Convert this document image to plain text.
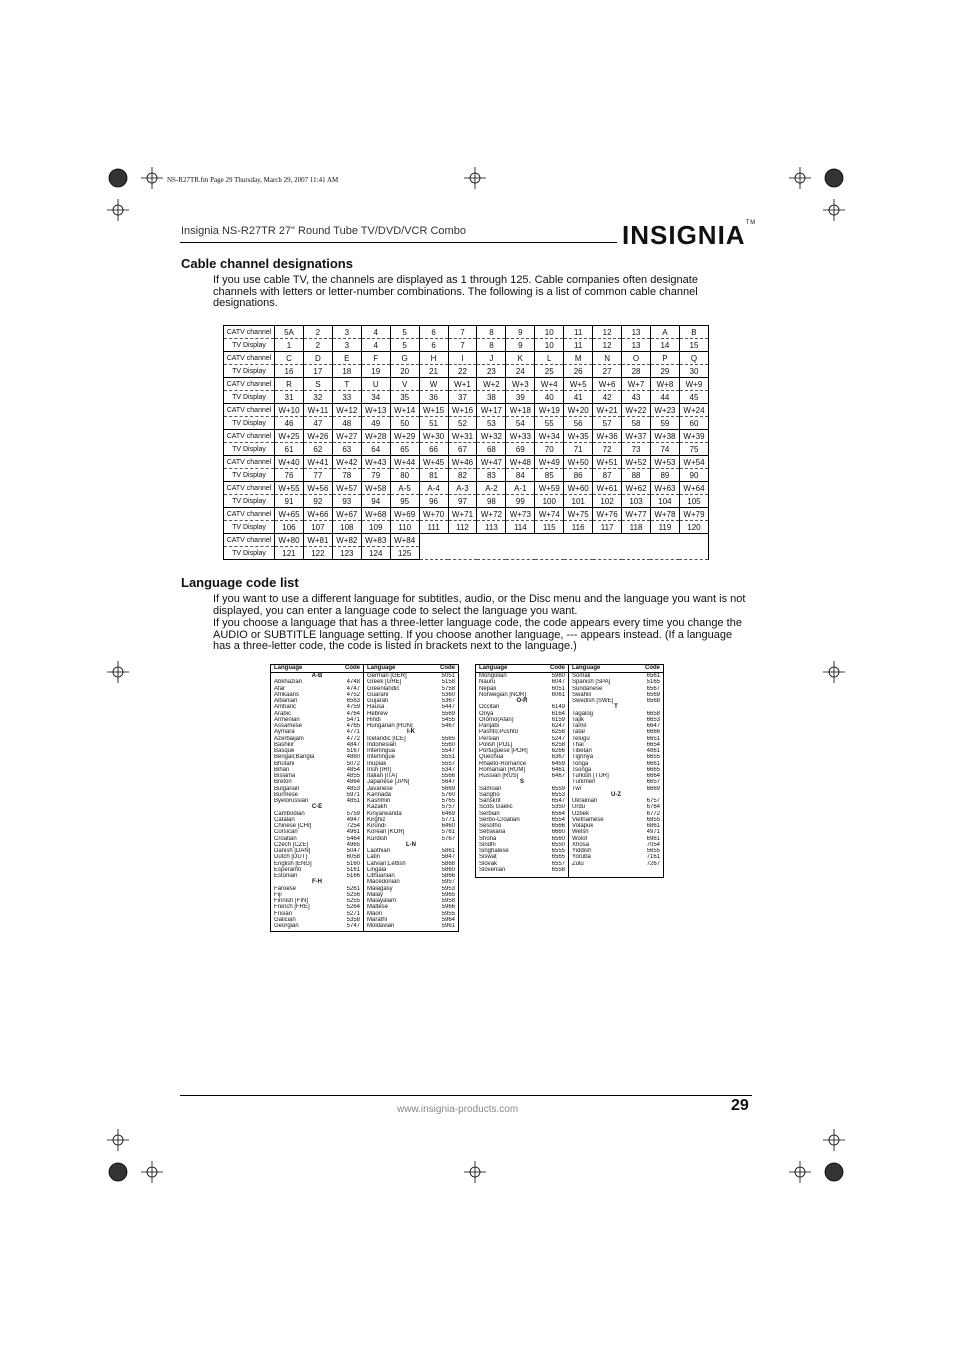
NS-R27TR.fm Page 29 Thursday, March 29, 2007 11:41 AM
Insignia NS-R27TR 27" Round Tube TV/DVD/VCR Combo	INSIGNIA™
Cable channel designations
If you use cable TV, the channels are displayed as 1 through 125. Cable companies often designate channels with letters or letter-number combinations. The following is a list of common cable channel designations.
CATV channel	5A	2	3	4	5	6	7	8	9	10	11	12	13	A	B
TV Display	1	2	3	4	5	6	7	8	9	10	11	12	13	14	15
CATV channel	C	D	E	F	G	H	I	J	K	L	M	N	O	P	Q
TV Display	16	17	18	19	20	21	22	23	24	25	26	27	28	29	30
CATV channel	R	S	T	U	V	W	W+1	W+2	W+3	W+4	W+5	W+6	W+7	W+8	W+9
TV Display	31	32	33	34	35	36	37	38	39	40	41	42	43	44	45
CATV channel	W+10	W+11	W+12	W+13	W+14	W+15	W+16	W+17	W+18	W+19	W+20	W+21	W+22	W+23	W+24
TV Display	46	47	48	49	50	51	52	53	54	55	56	57	58	59	60
CATV channel	W+25	W+26	W+27	W+28	W+29	W+30	W+31	W+32	W+33	W+34	W+35	W+36	W+37	W+38	W+39
TV Display	61	62	63	64	65	66	67	68	69	70	71	72	73	74	75
CATV channel	W+40	W+41	W+42	W+43	W+44	W+45	W+46	W+47	W+48	W+49	W+50	W+51	W+52	W+53	W+54
TV Display	76	77	78	79	80	81	82	83	84	85	86	87	88	89	90
CATV channel	W+55	W+56	W+57	W+58	A-5	A-4	A-3	A-2	A-1	W+59	W+60	W+61	W+62	W+63	W+64
TV Display	91	92	93	94	95	96	97	98	99	100	101	102	103	104	105
CATV channel	W+65	W+66	W+67	W+68	W+69	W+70	W+71	W+72	W+73	W+74	W+75	W+76	W+77	W+78	W+79
TV Display	106	107	108	109	110	111	112	113	114	115	116	117	118	119	120
CATV channel	W+80	W+81	W+82	W+83	W+84										
TV Display	121	122	123	124	125										
Language code list
If you want to use a different language for subtitles, audio, or the Disc menu and the language you want is not displayed, you can enter a language code to select the language you want.
If you choose a language that has a three-letter language code, the code appears every time you change the AUDIO or SUBTITLE language setting. If you choose another language, --- appears instead. (If a language has a three-letter code, the code is listed in brackets next to the language.)
Language	Code
A-B
Abkhazian	4748
Afar	4747
Afrikaans	4752
Albanian	6563
Amharic	4759
Arabic	4764
Armenian	5471
Assamese	4765
Aymara	4771
Azerbaijani	4772
Bashkir	4847
Basque	5167
Bengali;Bangla	4860
Bhutani	5072
Bihari	4854
Bislama	4855
Breton	4864
Bulgarian	4853
Burmese	5971
Byelorussian	4851
C-E
Cambodian	5759
Catalan	4947
Chinese [CHI]	7254
Corsican	4961
Croatian	5464
Czech [CZE]	4965
Danish [DAN]	5047
Dutch [DUT]	6058
English [ENG]	5160
Esperanto	5161
Estonian	5166
F-H
Faroese	5261
Fiji	5256
Finnish [FIN]	5255
French [FRE]	5264
Frisian	5271
Galician	5358
Georgian	5747
Language	Code
German [GER]	5051
Greek [GRE]	5158
Greenlandic	5758
Guarani	5360
Gujarati	5367
Hausa	5447
Hebrew	5569
Hindi	5455
Hungarian [HUN]	5467
I-K
Icelandic [ICE]	5565
Indonesian	5560
Interlingua	5547
Interlingue	5551
Inupiak	5557
Irish [IRI]	5347
Italian [ITA]	5566
Japanese [JPN]	5647
Javanese	5669
Kannada	5760
Kashmiri	5765
Kazakh	5757
Kinyarwanda	6469
Kirghiz	5771
Kirundi	6460
Korean [KOR]	5761
Kurdish	5767
L-N
Laothian	5861
Latin	5847
Latvian;Lettish	5868
Lingala	5860
Lithuanian	5866
Macedonian	5957
Malagasy	5953
Malay	5965
Malayalam	5958
Maltese	5966
Maori	5955
Marathi	5964
Moldavian	5961
Language	Code
Mongolian	5960
Nauru	6047
Nepali	6051
Norwegian [NOR]	6061
O-R
Occitan	6149
Oriya	6164
Oromo(Afan)	6159
Panjabi	6247
Pashto;Pushto	6258
Persian	5247
Polish [POL]	6258
Portuguese [POR]	6266
Quechua	6367
Rhaeto-Romance	6459
Romanian [RUM]	6461
Russian [RUS]	6467
S
Samoan	6559
Sangho	6553
Sanskrit	6547
Scots Gaelic	5350
Serbian	6564
Serbo-Croatian	6554
Sesotho	6566
Setswana	6660
Shona	6560
Sindhi	6550
Singhalese	6555
Siswat	6565
Slovak	6557
Slovenian	6558
Language	Code
Somali	6561
Spanish [SPA]	5165
Sundanese	6567
Swahili	6569
Swedish [SWE]	6568
T
Tagalog	6658
Tajik	6653
Tamil	6647
Tatar	6666
Telugu	6651
Thai	6654
Tibetan	4861
Tigrinya	6655
Tonga	6661
Tsonga	6665
Turkish [TUR]	6664
Turkmen	6657
Twi	6669
U-Z
Ukrainian	6757
Urdu	6764
Uzbek	6772
Vietnamese	6855
Volapuk	6861
Welsh	4971
Wolof	6961
Xhosa	7054
Yiddish	5655
Yoruba	7161
Zulu	7267
www.insignia-products.com	29
